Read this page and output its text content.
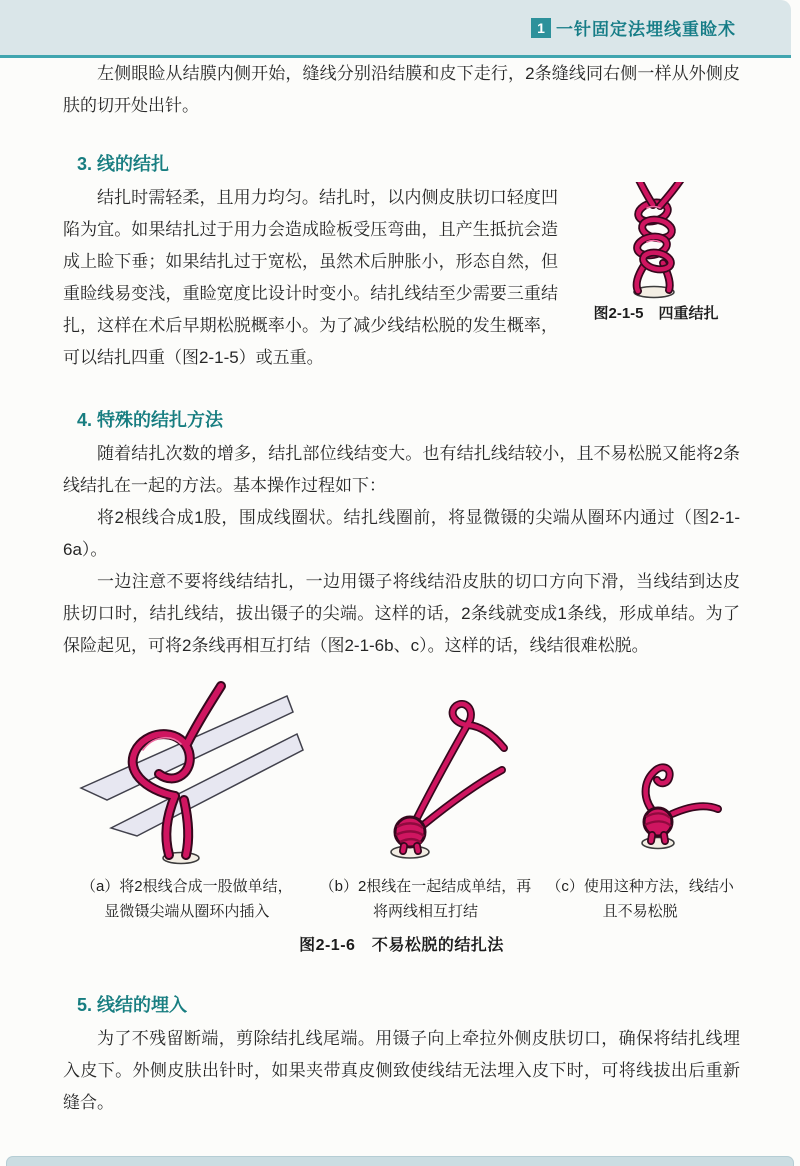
1 一针固定法埋线重睑术

左侧眼睑从结膜内侧开始，缝线分别沿结膜和皮下走行，2条缝线同右侧一样从外侧皮肤的切开处出针。

3. 线的结扎
图2-1-5　四重结扎

结扎时需轻柔，且用力均匀。结扎时，以内侧皮肤切口轻度凹陷为宜。如果结扎过于用力会造成睑板受压弯曲，且产生抵抗会造成上睑下垂；如果结扎过于宽松，虽然术后肿胀小，形态自然，但重睑线易变浅，重睑宽度比设计时变小。结扎线结至少需要三重结扎，这样在术后早期松脱概率小。为了减少线结松脱的发生概率，可以结扎四重（图2-1-5）或五重。

4. 特殊的结扎方法

随着结扎次数的增多，结扎部位线结变大。也有结扎线结较小，且不易松脱又能将2条线结扎在一起的方法。基本操作过程如下：

将2根线合成1股，围成线圈状。结扎线圈前，将显微镊的尖端从圈环内通过（图2-1-6a）。

一边注意不要将线结结扎，一边用镊子将线结沿皮肤的切口方向下滑，当线结到达皮肤切口时，结扎线结，拔出镊子的尖端。这样的话，2条线就变成1条线，形成单结。为了保险起见，可将2条线再相互打结（图2-1-6b、c）。这样的话，线结很难松脱。

（a）将2根线合成一股做单结，
显微镊尖端从圈环内插入
（b）2根线在一起结成单结，再
将两线相互打结
（c）使用这种方法，线结小
且不易松脱
图2-1-6　不易松脱的结扎法
5. 线结的埋入

为了不残留断端，剪除结扎线尾端。用镊子向上牵拉外侧皮肤切口，确保将结扎线埋入皮下。外侧皮肤出针时，如果夹带真皮侧致使线结无法埋入皮下时，可将线拔出后重新缝合。
